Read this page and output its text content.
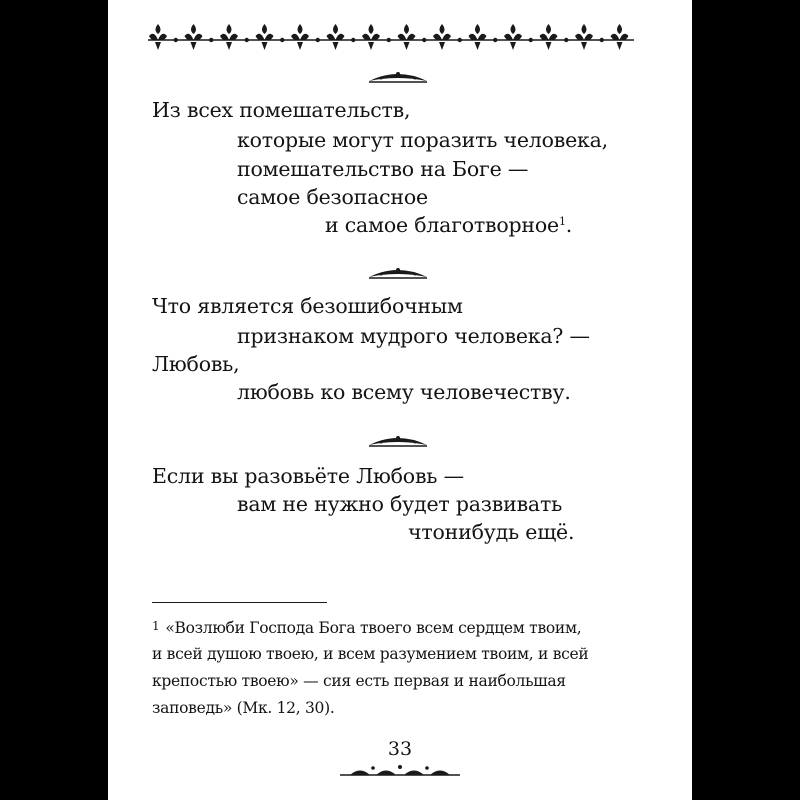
Из всех помешательств,
которые могут поразить человека,
помешательство на Боге —
самое безопасное
и самое благотворное$^1$.
Что является безошибочным
признаком мудрого человека? —
Любовь,
любовь ко всему человечеству.
Если вы разовьёте Любовь —
вам не нужно будет развивать
чтонибудь ещё.
1 «Возлюби Господа Бога твоего всем сердцем твоим,
и всей душою твоею, и всем разумением твоим, и всей
крепостью твоею» — сия есть первая и наибольшая
заповедь» (Мк. 12, 30).
33
